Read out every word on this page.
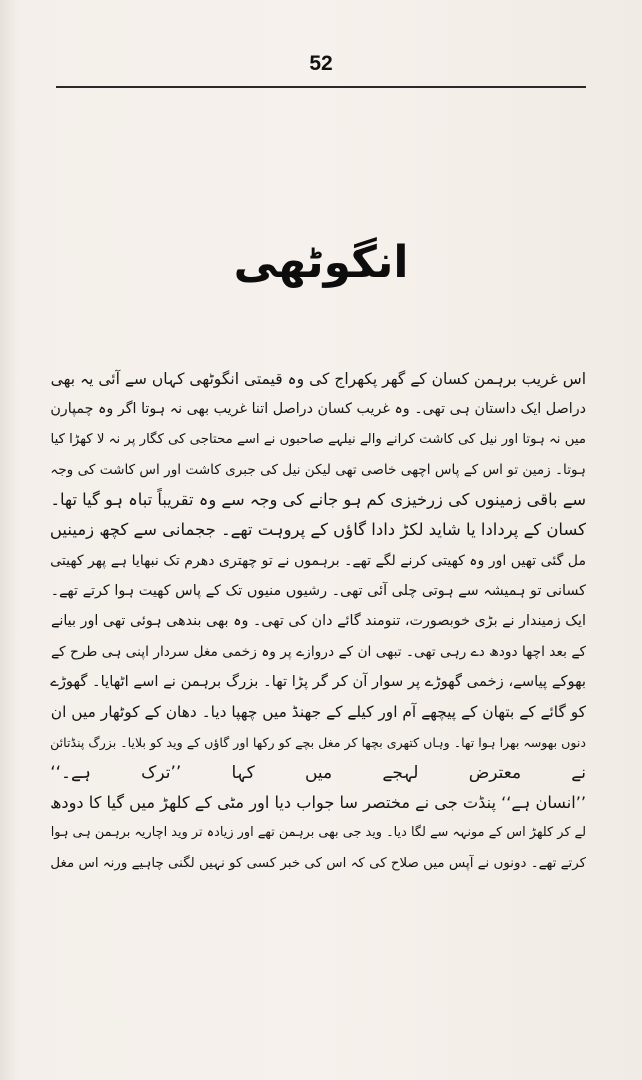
52
انگوٹھی
اس غریب برہمن کسان کے گھر پکھراج کی وہ قیمتی انگوٹھی کہاں سے آئی یہ بھی
دراصل ایک داستان ہی تھی۔ وہ غریب کسان دراصل اتنا غریب بھی نہ ہوتا اگر وہ چمپارن
میں نہ ہوتا اور نیل کی کاشت کرانے والے نیلہے صاحبوں نے اسے محتاجی کی کگار پر نہ لا کھڑا کیا
ہوتا۔ زمین تو اس کے پاس اچھی خاصی تھی لیکن نیل کی جبری کاشت اور اس کاشت کی وجہ
سے باقی زمینوں کی زرخیزی کم ہو جانے کی وجہ سے وہ تقریباً تباہ ہو گیا تھا۔
کسان کے پردادا یا شاید لکڑ دادا گاؤں کے پروہت تھے۔ ججمانی سے کچھ زمینیں
مل گئی تھیں اور وہ کھیتی کرنے لگے تھے۔ برہموں نے تو چھتری دھرم تک نبھایا ہے پھر کھیتی
کسانی تو ہمیشہ سے ہوتی چلی آئی تھی۔ رشیوں منیوں تک کے پاس کھیت ہوا کرتے تھے۔
ایک زمیندار نے بڑی خوبصورت، تنومند گائے دان کی تھی۔ وہ بھی بندھی ہوئی تھی اور بیانے
کے بعد اچھا دودھ دے رہی تھی۔ تبھی ان کے دروازے پر وہ زخمی مغل سردار اپنی ہی طرح کے
بھوکے پیاسے، زخمی گھوڑے پر سوار آن کر گر پڑا تھا۔ بزرگ برہمن نے اسے اٹھایا۔ گھوڑے
کو گائے کے بتھان کے پیچھے آم اور کیلے کے جھنڈ میں چھپا دیا۔ دھان کے کوٹھار میں ان
دنوں بھوسہ بھرا ہوا تھا۔ وہاں کتھری بچھا کر مغل بچے کو رکھا اور گاؤں کے وید کو بلایا۔ بزرگ پنڈتائن
نے معترض لہجے میں کہا ’’ترک ہے۔‘‘
’’انسان ہے‘‘ پنڈت جی نے مختصر سا جواب دیا اور مٹی کے کلھڑ میں گیا کا دودھ
لے کر کلھڑ اس کے مونہہ سے لگا دیا۔ وید جی بھی برہمن تھے اور زیادہ تر وید اچاریہ برہمن ہی ہوا
کرتے تھے۔ دونوں نے آپس میں صلاح کی کہ اس کی خبر کسی کو نہیں لگنی چاہیے ورنہ اس مغل
